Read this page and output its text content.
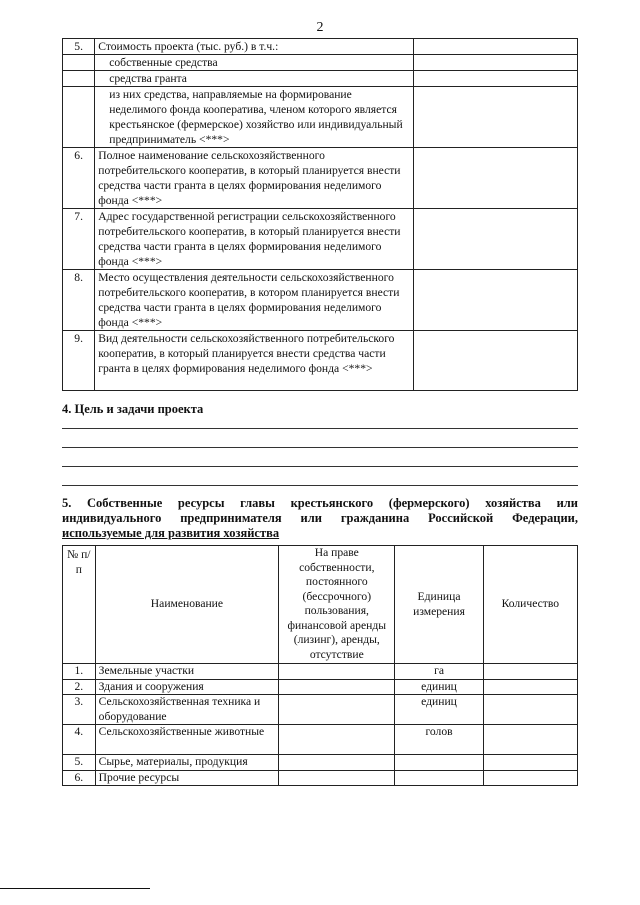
2
5.	Стоимость проекта (тыс. руб.) в т.ч.:	
	собственные средства	
	средства гранта	
	из них средства, направляемые на формирование неделимого фонда кооператива, членом которого является крестьянское (фермерское) хозяйство или индивидуальный предприниматель <***>	
6.	Полное наименование сельскохозяйственного потребительского кооператив, в который планируется внести средства части гранта в целях формирования неделимого фонда <***>	
7.	Адрес государственной регистрации сельскохозяйственного потребительского кооператив, в который планируется внести средства части гранта в целях формирования неделимого фонда <***>	
8.	Место осуществления деятельности сельскохозяйственного потребительского кооператив, в котором планируется внести средства части гранта в целях формирования неделимого фонда <***>	
9.	Вид деятельности сельскохозяйственного потребительского кооператив, в который планируется внести средства части гранта в целях формирования неделимого фонда <***>	
4. Цель и задачи проекта
5. Собственные ресурсы главы крестьянского (фермерского) хозяйства или индивидуального предпринимателя или гражданина Российской Федерации,
используемые для развития хозяйства
№ п/п	Наименование	На праве собственности, постоянного (бессрочного) пользования, финансовой аренды (лизинг), аренды, отсутствие	Единица измерения	Количество
1.	Земельные участки		га	
2.	Здания и сооружения		единиц	
3.	Сельскохозяйственная техника и оборудование		единиц	
4.	Сельскохозяйственные животные		голов	
5.	Сырье, материалы, продукция			
6.	Прочие ресурсы			
